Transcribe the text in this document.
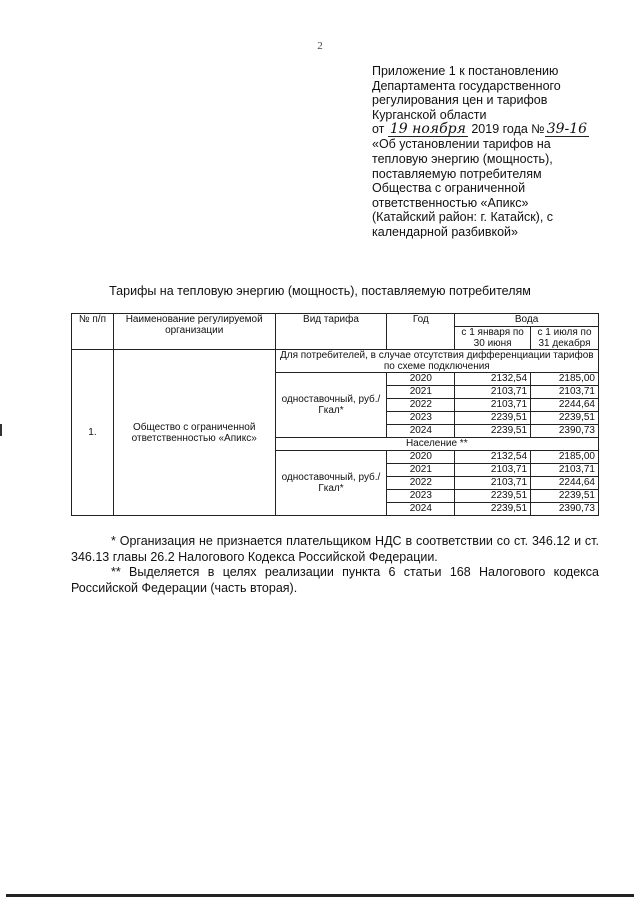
2
Приложение 1 к постановлению
Департамента государственного
регулирования цен и тарифов
Курганской области
от 19 ноября 2019 года № 39-16
«Об установлении тарифов на
тепловую энергию (мощность),
поставляемую потребителям
Общества с ограниченной
ответственностью «Апикс»
(Катайский район: г. Катайск), с
календарной разбивкой»
Тарифы на тепловую энергию (мощность), поставляемую потребителям
№ п/п	Наименование регулируемой организации	Вид тарифа	Год	Вода	
				с 1 января по 30 июня	с 1 июля по 31 декабря
1.	Общество с ограниченной ответственностью «Апикс»	Для потребителей, в случае отсутствия дифференциации тарифов по схеме подключения			
		одноставочный, руб./Гкал*	2020	2132,54	2185,00
			2021	2103,71	2103,71
			2022	2103,71	2244,64
			2023	2239,51	2239,51
			2024	2239,51	2390,73
		Население **			
		одноставочный, руб./Гкал*	2020	2132,54	2185,00
			2021	2103,71	2103,71
			2022	2103,71	2244,64
			2023	2239,51	2239,51
			2024	2239,51	2390,73

* Организация не признается плательщиком НДС в соответствии со ст. 346.12 и ст. 346.13 главы 26.2 Налогового Кодекса Российской Федерации.

** Выделяется в целях реализации пункта 6 статьи 168 Налогового кодекса Российской Федерации (часть вторая).
